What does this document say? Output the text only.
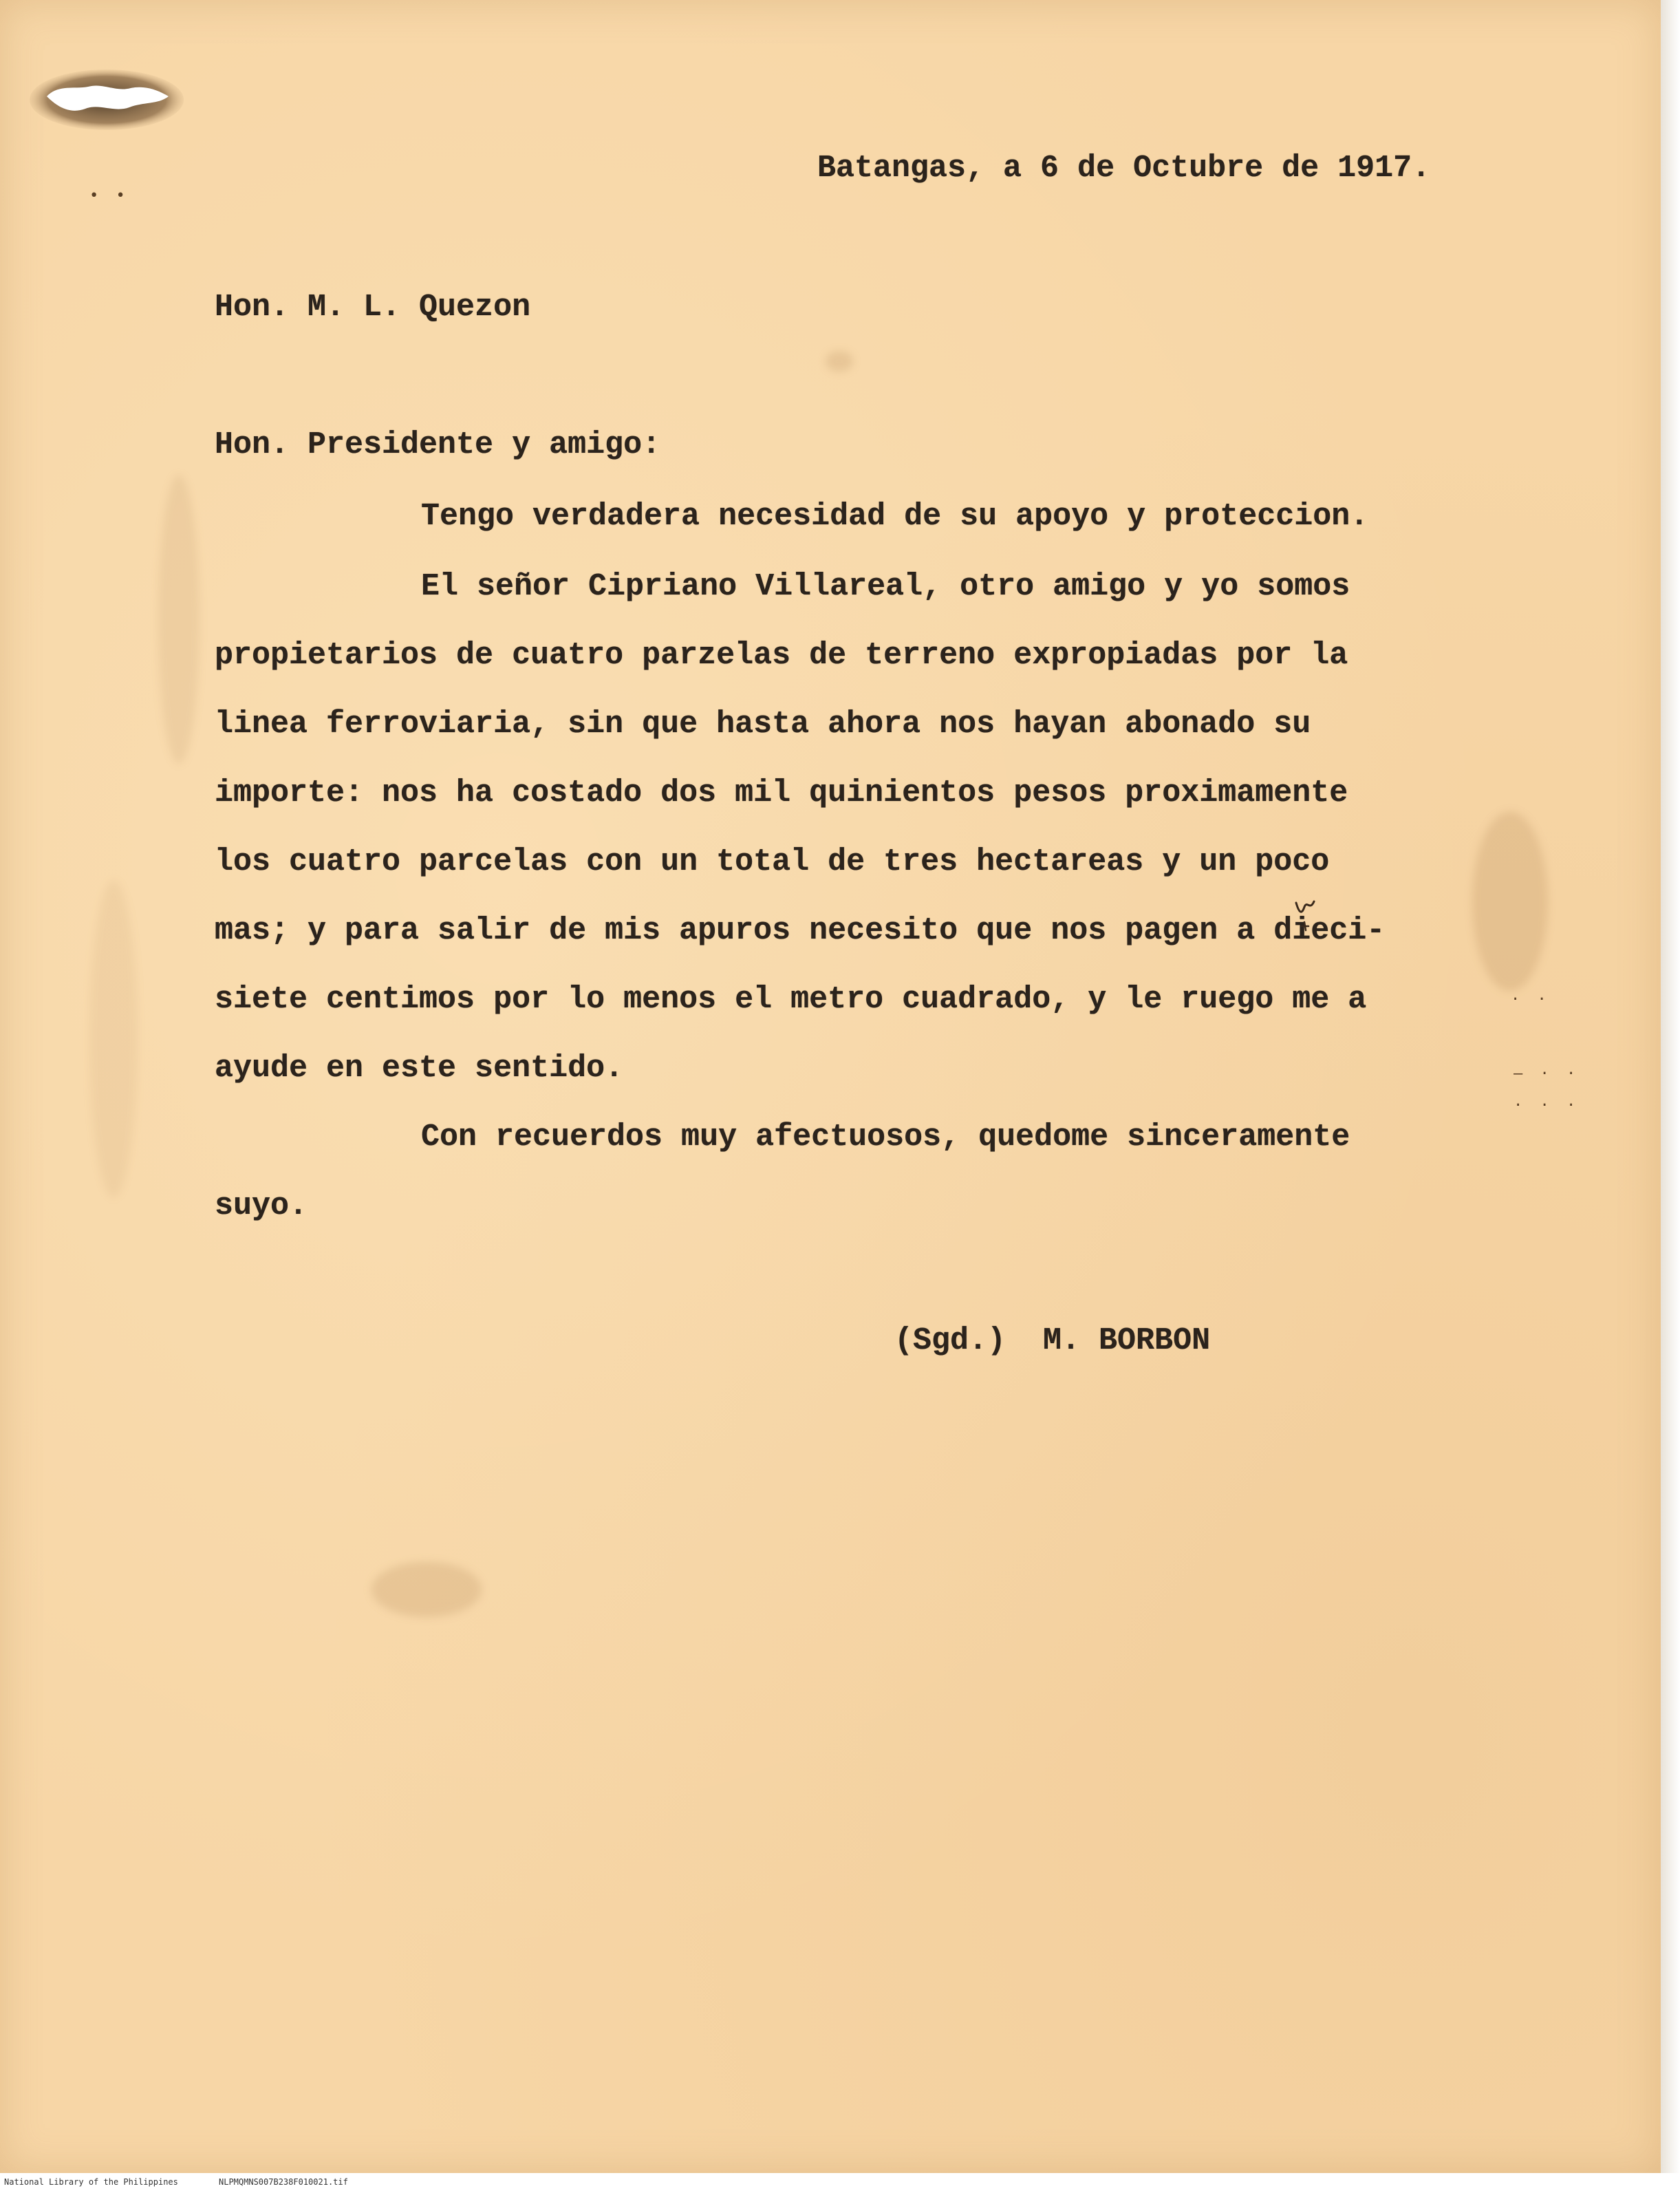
• •
· ·
– · ·
· · ·
Batangas, a 6 de Octubre de 1917.
Hon. M. L. Quezon
Hon. Presidente y amigo:
Tengo verdadera necesidad de su apoyo y proteccion.
El señor Cipriano Villareal, otro amigo y yo somos
propietarios de cuatro parzelas de terreno expropiadas por la
linea ferroviaria, sin que hasta ahora nos hayan abonado su
importe: nos ha costado dos mil quinientos pesos proximamente
los cuatro parcelas con un total de tres hectareas y un poco
mas; y para salir de mis apuros necesito que nos pagen a dieci-
siete centimos por lo menos el metro cuadrado, y le ruego me a
ayude en este sentido.
Con recuerdos muy afectuosos, quedome sinceramente
suyo.
(Sgd.)  M. BORBON
National Library of the Philippines	NLPMQMNS007B238F010021.tif
